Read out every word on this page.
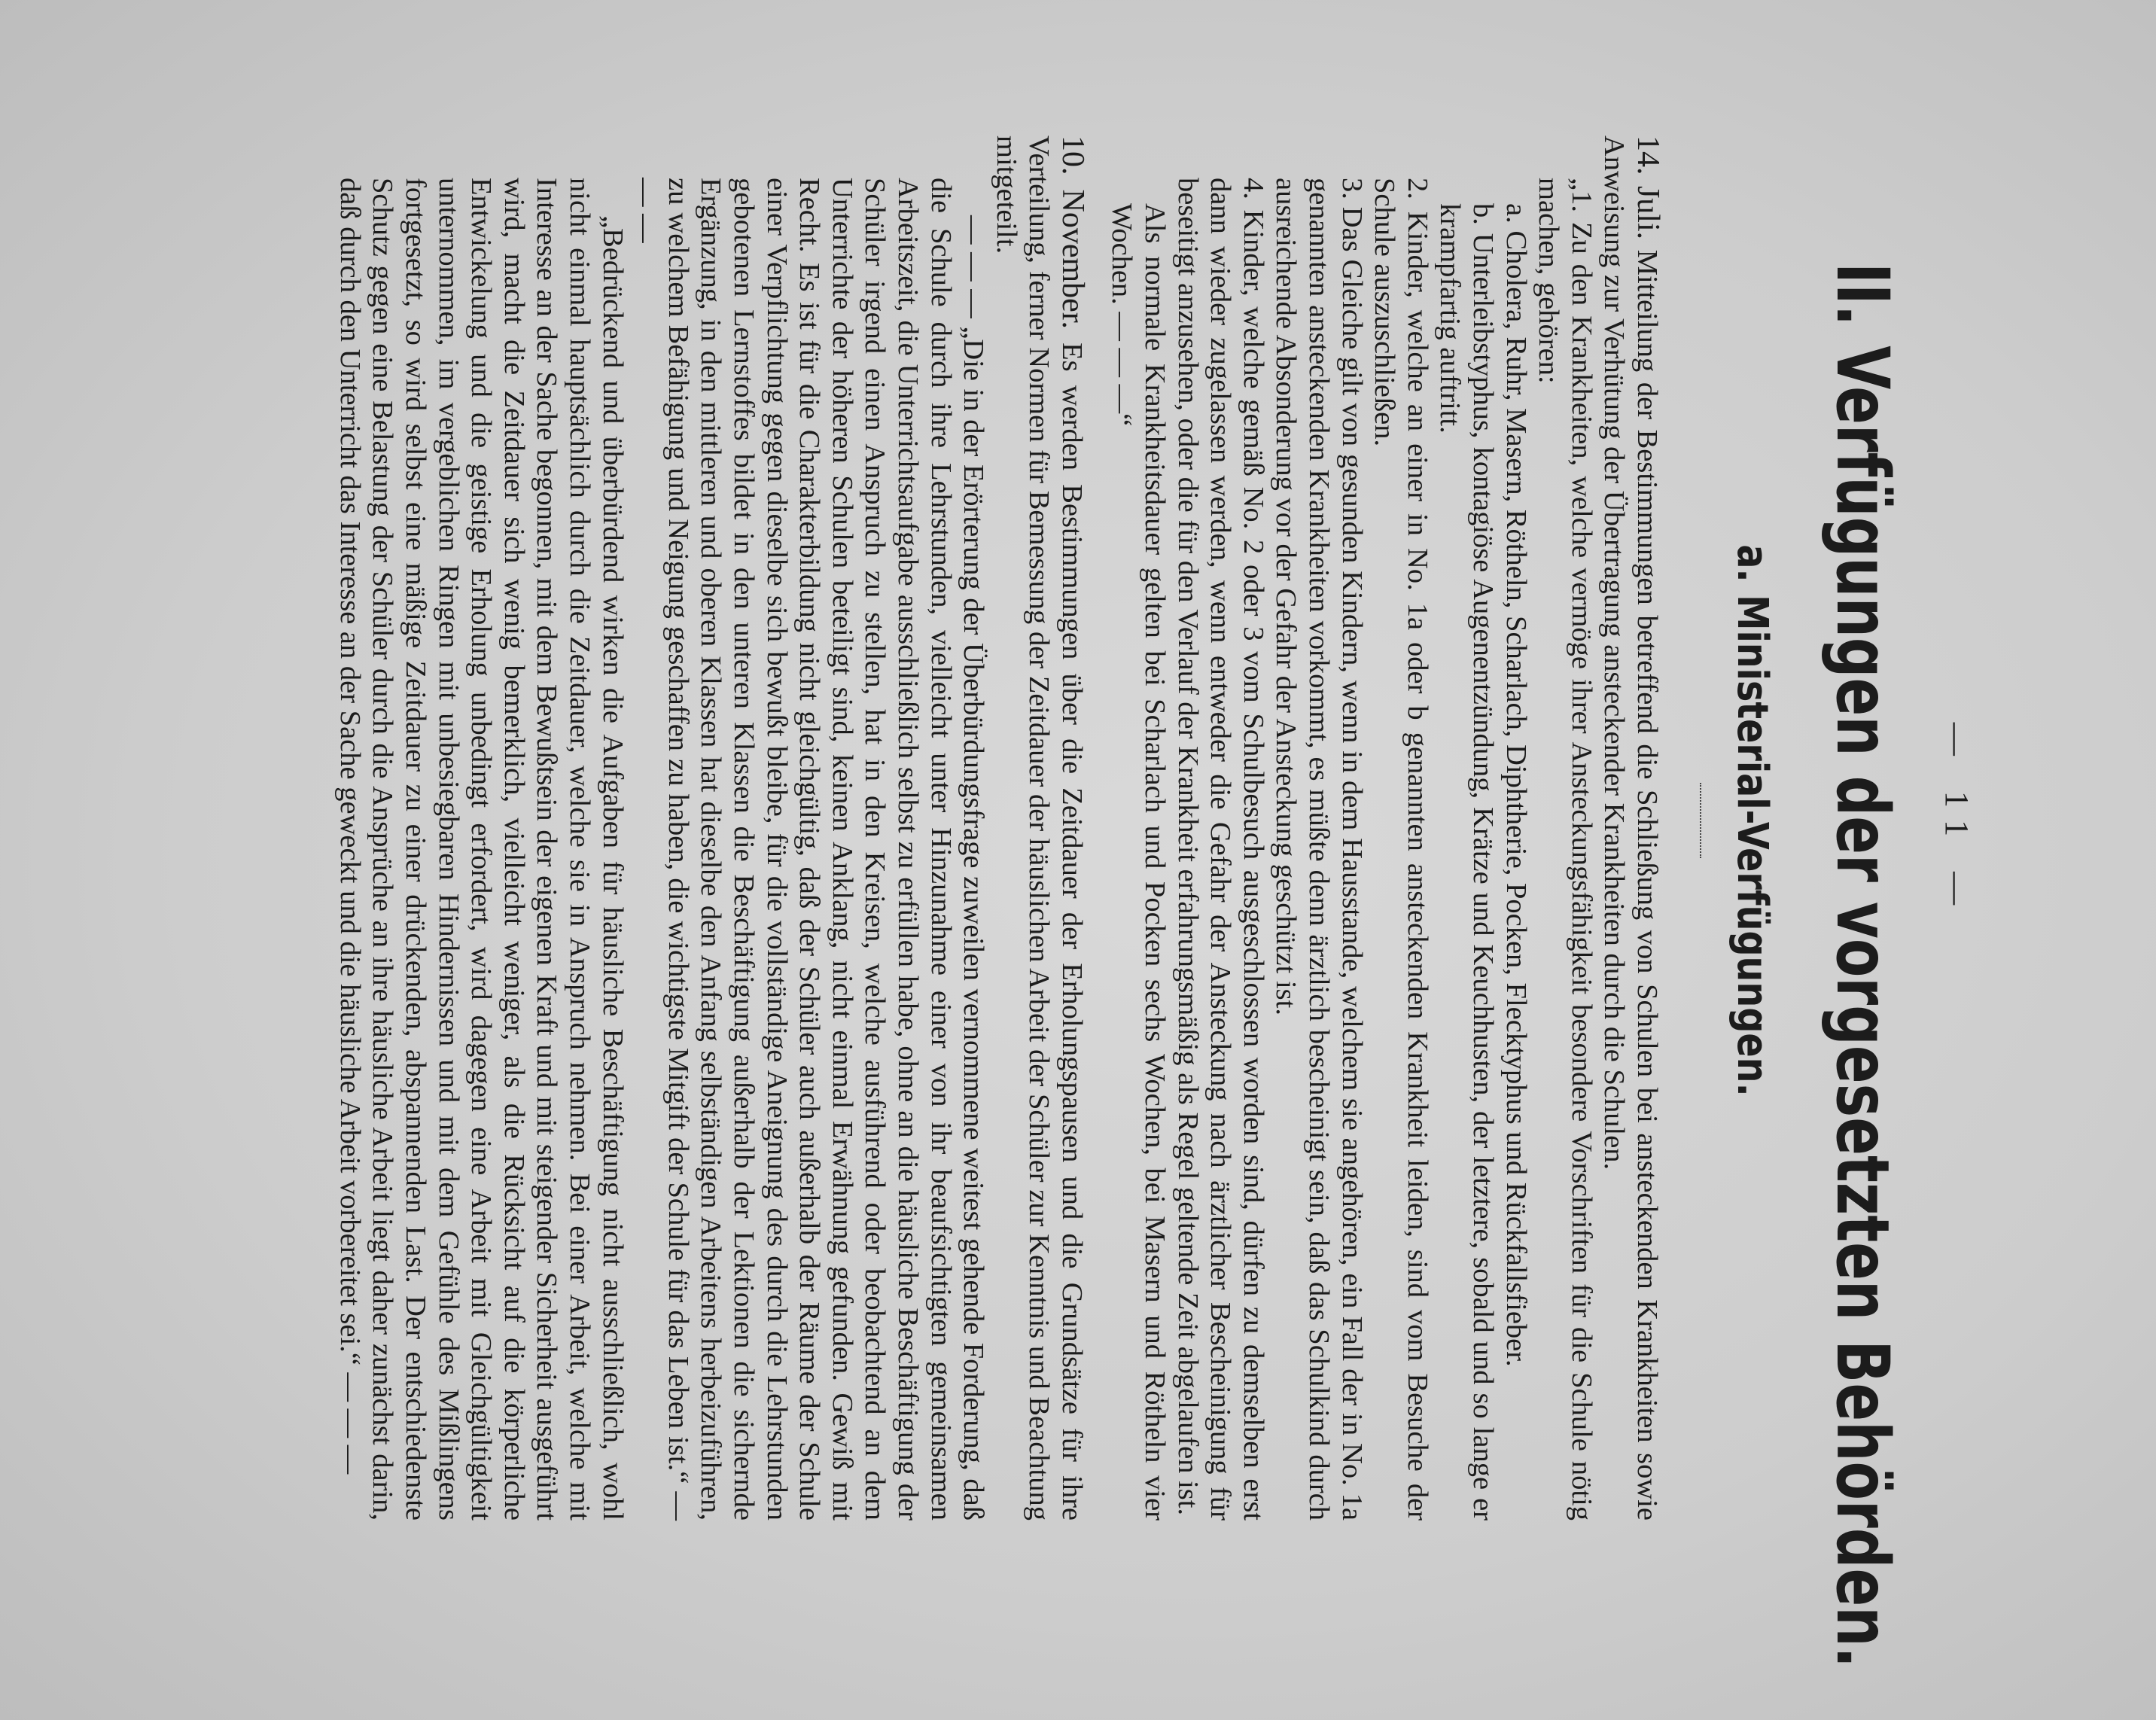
— 11 —
II. Verfügungen der vorgesetzten Behörden.
a. Ministerial-Verfügungen.

14. Juli. Mitteilung der Bestimmungen betreffend die Schließung von Schulen bei ansteckenden Krankheiten sowie Anweisung zur Verhütung der Übertragung ansteckender Krankheiten durch die Schulen.

„1. Zu den Krankheiten, welche vermöge ihrer Ansteckungsfähigkeit besondere Vorschriften für die Schule nötig machen, gehören:

a. Cholera, Ruhr, Masern, Rötheln, Scharlach, Diphtherie, Pocken, Flecktyphus und Rückfallsfieber.

b. Unterleibstyphus, kontagiöse Augenentzündung, Krätze und Keuchhusten, der letztere, sobald und so lange er krampfartig auftritt.

2. Kinder, welche an einer in No. 1a oder b genannten ansteckenden Krankheit leiden, sind vom Besuche der Schule auszuschließen.

3. Das Gleiche gilt von gesunden Kindern, wenn in dem Hausstande, welchem sie angehören, ein Fall der in No. 1a genannten ansteckenden Krankheiten vorkommt, es müßte denn ärztlich bescheinigt sein, daß das Schulkind durch ausreichende Absonderung vor der Gefahr der Ansteckung geschützt ist.

4. Kinder, welche gemäß No. 2 oder 3 vom Schulbesuch ausgeschlossen worden sind, dürfen zu demselben erst dann wieder zugelassen werden, wenn entweder die Gefahr der Ansteckung nach ärztlicher Bescheinigung für beseitigt anzusehen, oder die für den Verlauf der Krankheit erfahrungsmäßig als Regel geltende Zeit abgelaufen ist.

Als normale Krankheitsdauer gelten bei Scharlach und Pocken sechs Wochen, bei Masern und Rötheln vier Wochen. — — —“

10. November. Es werden Bestimmungen über die Zeitdauer der Erholungspausen und die Grundsätze für ihre Verteilung, ferner Normen für Bemessung der Zeitdauer der häuslichen Arbeit der Schüler zur Kenntnis und Beachtung mitgeteilt.

— — — „Die in der Erörterung der Überbürdungsfrage zuweilen vernommene weitest gehende Forderung, daß die Schule durch ihre Lehrstunden, vielleicht unter Hinzunahme einer von ihr beaufsichtigten gemeinsamen Arbeitszeit, die Unterrichtsaufgabe ausschließlich selbst zu erfüllen habe, ohne an die häusliche Beschäftigung der Schüler irgend einen Anspruch zu stellen, hat in den Kreisen, welche ausführend oder beobachtend an dem Unterrichte der höheren Schulen beteiligt sind, keinen Anklang, nicht einmal Erwähnung gefunden. Gewiß mit Recht. Es ist für die Charakterbildung nicht gleichgültig, daß der Schüler auch außerhalb der Räume der Schule einer Verpflichtung gegen dieselbe sich bewußt bleibe, für die vollständige Aneignung des durch die Lehrstunden gebotenen Lernstoffes bildet in den unteren Klassen die Beschäftigung außerhalb der Lektionen die sichernde Ergänzung, in den mittleren und oberen Klassen hat dieselbe den Anfang selbständigen Arbeitens herbeizuführen, zu welchem Befähigung und Neigung geschaffen zu haben, die wichtigste Mitgift der Schule für das Leben ist.“ — — —

„Bedrückend und überbürdend wirken die Aufgaben für häusliche Beschäftigung nicht ausschließlich, wohl nicht einmal hauptsächlich durch die Zeitdauer, welche sie in Anspruch nehmen. Bei einer Arbeit, welche mit Interesse an der Sache begonnen, mit dem Bewußtsein der eigenen Kraft und mit steigender Sicherheit ausgeführt wird, macht die Zeitdauer sich wenig bemerklich, vielleicht weniger, als die Rücksicht auf die körperliche Entwickelung und die geistige Erholung unbedingt erfordert, wird dagegen eine Arbeit mit Gleichgültigkeit unternommen, im vergeblichen Ringen mit unbesiegbaren Hindernissen und mit dem Gefühle des Mißlingens fortgesetzt, so wird selbst eine mäßige Zeitdauer zu einer drückenden, abspannenden Last. Der entschiedenste Schutz gegen eine Belastung der Schüler durch die Ansprüche an ihre häusliche Arbeit liegt daher zunächst darin, daß durch den Unterricht das Interesse an der Sache geweckt und die häusliche Arbeit vorbereitet sei.“ — — —
